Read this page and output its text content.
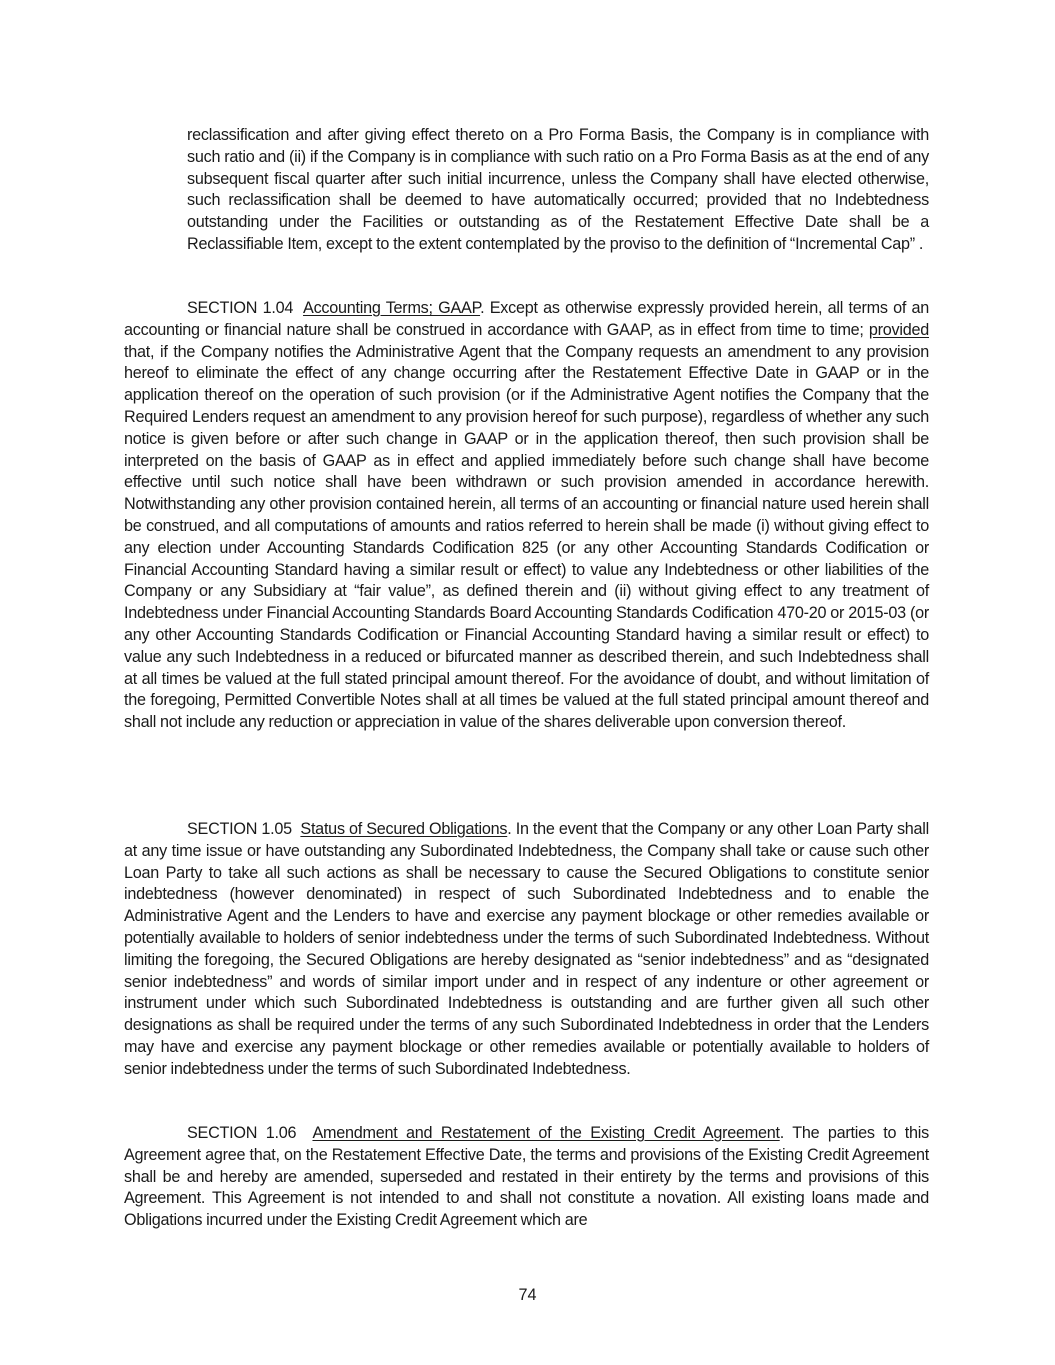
reclassification and after giving effect thereto on a Pro Forma Basis, the Company is in compliance with such ratio and (ii) if the Company is in compliance with such ratio on a Pro Forma Basis as at the end of any subsequent fiscal quarter after such initial incurrence, unless the Company shall have elected otherwise, such reclassification shall be deemed to have automatically occurred; provided that no Indebtedness outstanding under the Facilities or outstanding as of the Restatement Effective Date shall be a Reclassifiable Item, except to the extent contemplated by the proviso to the definition of “Incremental Cap” .

SECTION 1.04 Accounting Terms; GAAP. Except as otherwise expressly provided herein, all terms of an accounting or financial nature shall be construed in accordance with GAAP, as in effect from time to time; provided that, if the Company notifies the Administrative Agent that the Company requests an amendment to any provision hereof to eliminate the effect of any change occurring after the Restatement Effective Date in GAAP or in the application thereof on the operation of such provision (or if the Administrative Agent notifies the Company that the Required Lenders request an amendment to any provision hereof for such purpose), regardless of whether any such notice is given before or after such change in GAAP or in the application thereof, then such provision shall be interpreted on the basis of GAAP as in effect and applied immediately before such change shall have become effective until such notice shall have been withdrawn or such provision amended in accordance herewith. Notwithstanding any other provision contained herein, all terms of an accounting or financial nature used herein shall be construed, and all computations of amounts and ratios referred to herein shall be made (i) without giving effect to any election under Accounting Standards Codification 825 (or any other Accounting Standards Codification or Financial Accounting Standard having a similar result or effect) to value any Indebtedness or other liabilities of the Company or any Subsidiary at “fair value”, as defined therein and (ii) without giving effect to any treatment of Indebtedness under Financial Accounting Standards Board Accounting Standards Codification 470-20 or 2015-03 (or any other Accounting Standards Codification or Financial Accounting Standard having a similar result or effect) to value any such Indebtedness in a reduced or bifurcated manner as described therein, and such Indebtedness shall at all times be valued at the full stated principal amount thereof. For the avoidance of doubt, and without limitation of the foregoing, Permitted Convertible Notes shall at all times be valued at the full stated principal amount thereof and shall not include any reduction or appreciation in value of the shares deliverable upon conversion thereof.

SECTION 1.05 Status of Secured Obligations. In the event that the Company or any other Loan Party shall at any time issue or have outstanding any Subordinated Indebtedness, the Company shall take or cause such other Loan Party to take all such actions as shall be necessary to cause the Secured Obligations to constitute senior indebtedness (however denominated) in respect of such Subordinated Indebtedness and to enable the Administrative Agent and the Lenders to have and exercise any payment blockage or other remedies available or potentially available to holders of senior indebtedness under the terms of such Subordinated Indebtedness. Without limiting the foregoing, the Secured Obligations are hereby designated as “senior indebtedness” and as “designated senior indebtedness” and words of similar import under and in respect of any indenture or other agreement or instrument under which such Subordinated Indebtedness is outstanding and are further given all such other designations as shall be required under the terms of any such Subordinated Indebtedness in order that the Lenders may have and exercise any payment blockage or other remedies available or potentially available to holders of senior indebtedness under the terms of such Subordinated Indebtedness.

SECTION 1.06 Amendment and Restatement of the Existing Credit Agreement. The parties to this Agreement agree that, on the Restatement Effective Date, the terms and provisions of the Existing Credit Agreement shall be and hereby are amended, superseded and restated in their entirety by the terms and provisions of this Agreement. This Agreement is not intended to and shall not constitute a novation. All existing loans made and Obligations incurred under the Existing Credit Agreement which are

74
